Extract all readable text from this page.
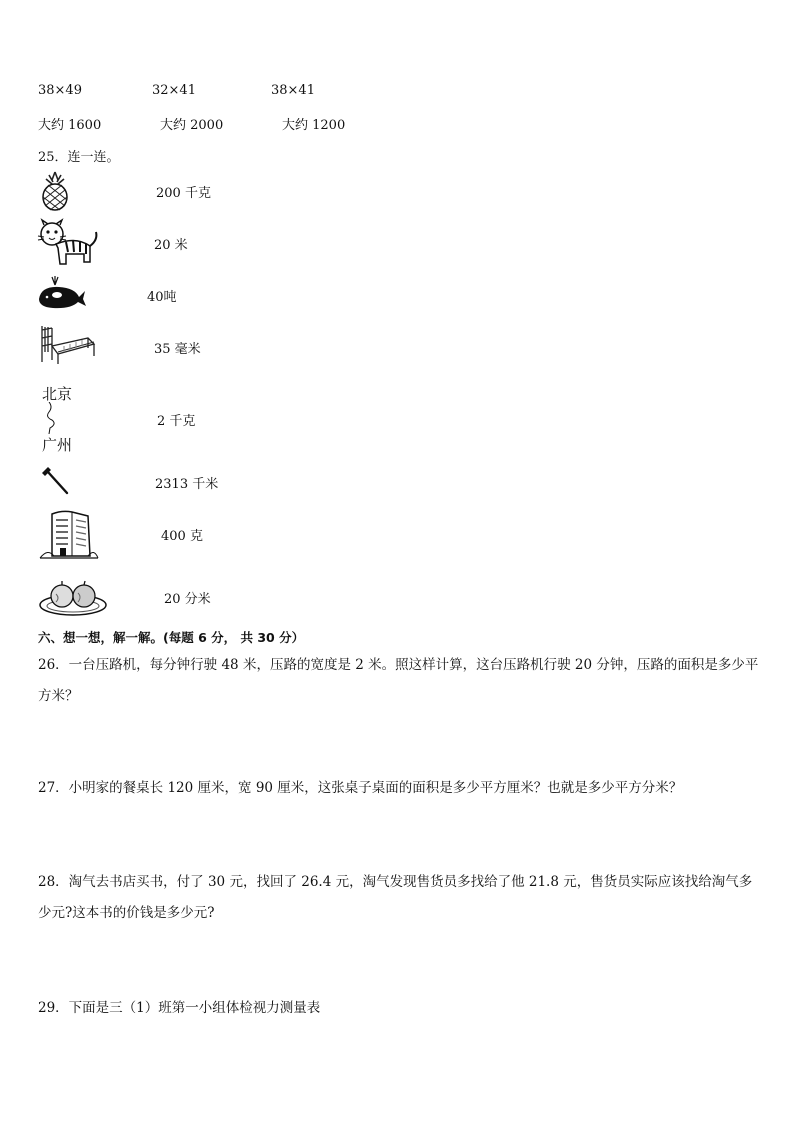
38×49	32×41	38×41
大约 1600	大约 2000	大约 1200
25．连一连。
北京
广州
200 千克
20 米
40吨
35 毫米
2 千克
2313 千米
400 克
20 分米
六、想一想，解一解。(每题 6 分， 共 30 分）
26．一台压路机，每分钟行驶 48 米，压路的宽度是 2 米。照这样计算，这台压路机行驶 20 分钟，压路的面积是多少平方米？
27．小明家的餐桌长 120 厘米，宽 90 厘米，这张桌子桌面的面积是多少平方厘米？也就是多少平方分米？
28．淘气去书店买书，付了 30 元，找回了 26.4 元，淘气发现售货员多找给了他 21.8 元，售货员实际应该找给淘气多少元?这本书的价钱是多少元?
29．下面是三（1）班第一小组体检视力测量表
